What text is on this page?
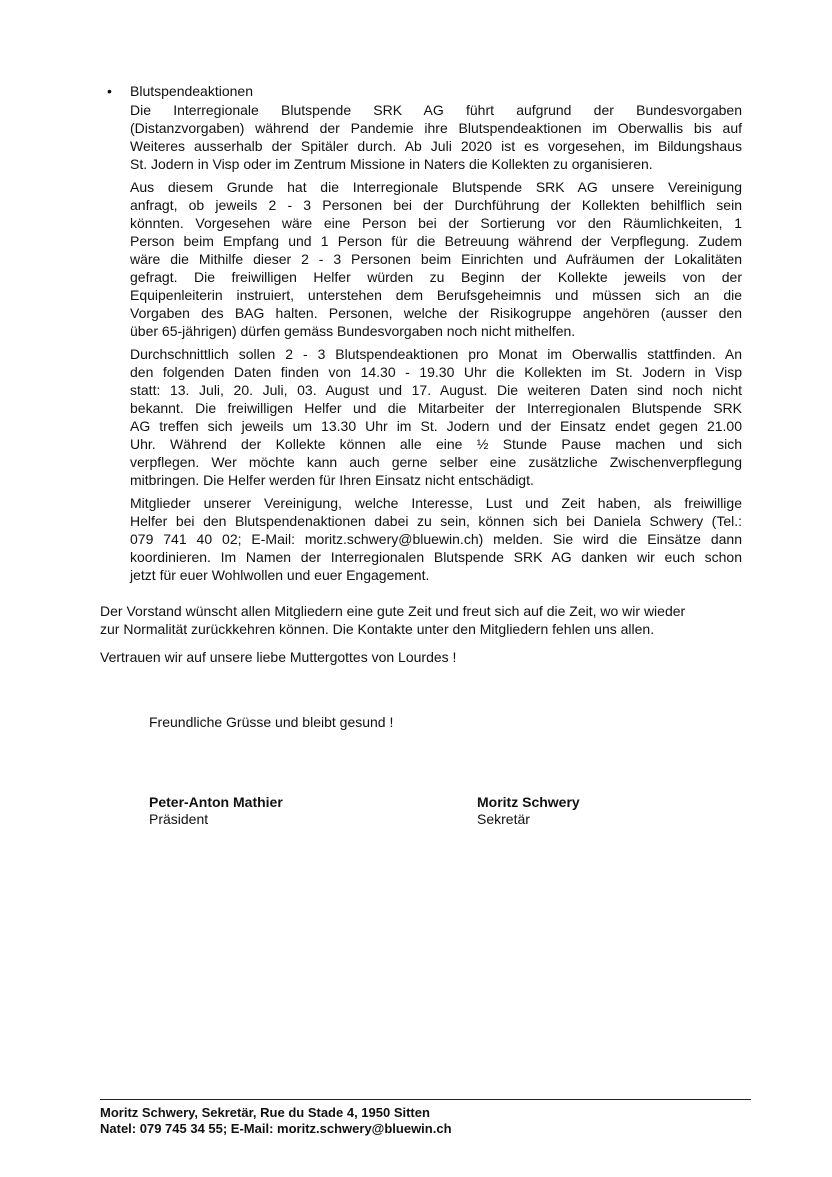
• Blutspendeaktionen
Die Interregionale Blutspende SRK AG führt aufgrund der Bundesvorgaben
(Distanzvorgaben) während der Pandemie ihre Blutspendeaktionen im Oberwallis bis auf
Weiteres ausserhalb der Spitäler durch. Ab Juli 2020 ist es vorgesehen, im Bildungshaus
St. Jodern in Visp oder im Zentrum Missione in Naters die Kollekten zu organisieren.
Aus diesem Grunde hat die Interregionale Blutspende SRK AG unsere Vereinigung
anfragt, ob jeweils 2 - 3 Personen bei der Durchführung der Kollekten behilflich sein
könnten. Vorgesehen wäre eine Person bei der Sortierung vor den Räumlichkeiten, 1
Person beim Empfang und 1 Person für die Betreuung während der Verpflegung. Zudem
wäre die Mithilfe dieser 2 - 3 Personen beim Einrichten und Aufräumen der Lokalitäten
gefragt. Die freiwilligen Helfer würden zu Beginn der Kollekte jeweils von der
Equipenleiterin instruiert, unterstehen dem Berufsgeheimnis und müssen sich an die
Vorgaben des BAG halten. Personen, welche der Risikogruppe angehören (ausser den
über 65-jährigen) dürfen gemäss Bundesvorgaben noch nicht mithelfen.
Durchschnittlich sollen 2 - 3 Blutspendeaktionen pro Monat im Oberwallis stattfinden. An
den folgenden Daten finden von 14.30 - 19.30 Uhr die Kollekten im St. Jodern in Visp
statt: 13. Juli, 20. Juli, 03. August und 17. August. Die weiteren Daten sind noch nicht
bekannt. Die freiwilligen Helfer und die Mitarbeiter der Interregionalen Blutspende SRK
AG treffen sich jeweils um 13.30 Uhr im St. Jodern und der Einsatz endet gegen 21.00
Uhr. Während der Kollekte können alle eine ½ Stunde Pause machen und sich
verpflegen. Wer möchte kann auch gerne selber eine zusätzliche Zwischenverpflegung
mitbringen. Die Helfer werden für Ihren Einsatz nicht entschädigt.
Mitglieder unserer Vereinigung, welche Interesse, Lust und Zeit haben, als freiwillige
Helfer bei den Blutspendenaktionen dabei zu sein, können sich bei Daniela Schwery (Tel.:
079 741 40 02; E-Mail: moritz.schwery@bluewin.ch) melden. Sie wird die Einsätze dann
koordinieren. Im Namen der Interregionalen Blutspende SRK AG danken wir euch schon
jetzt für euer Wohlwollen und euer Engagement.
Der Vorstand wünscht allen Mitgliedern eine gute Zeit und freut sich auf die Zeit, wo wir wieder
zur Normalität zurückkehren können. Die Kontakte unter den Mitgliedern fehlen uns allen.
Vertrauen wir auf unsere liebe Muttergottes von Lourdes !
Freundliche Grüsse und bleibt gesund !
Peter-Anton Mathier
Präsident
Moritz Schwery
Sekretär
Moritz Schwery, Sekretär, Rue du Stade 4, 1950 Sitten
Natel: 079 745 34 55; E-Mail: moritz.schwery@bluewin.ch
